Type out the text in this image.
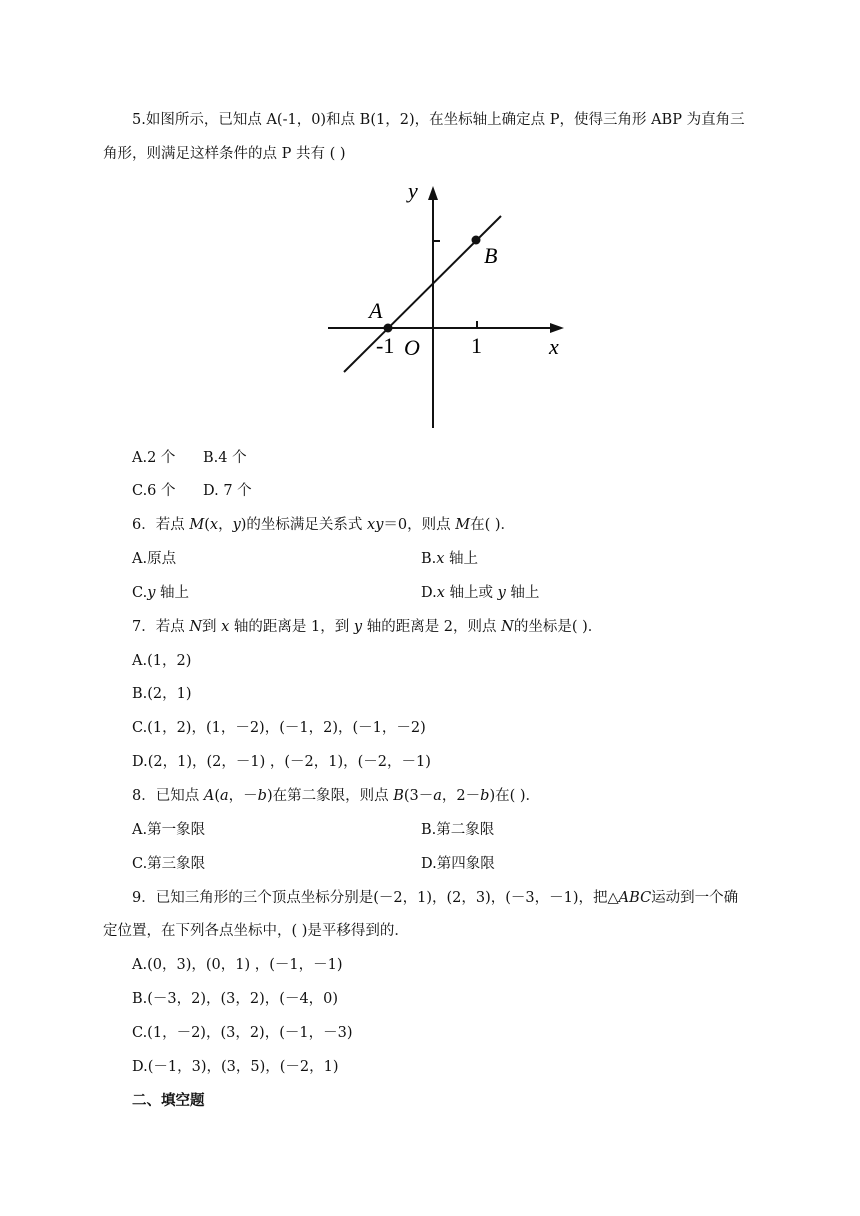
5.如图所示，已知点 A(-1，0)和点 B(1，2)，在坐标轴上确定点 P，使得三角形 ABP 为直角三
角形，则满足这样条件的点 P 共有 ( )
y
x
O
A
B
-1	1
A.2 个 B.4 个
C.6 个 D. 7 个
6．若点 M(x，y)的坐标满足关系式 xy＝0，则点 M在( )．
A.原点	B.x 轴上
C.y 轴上	D.x 轴上或 y 轴上
7．若点 N到 x 轴的距离是 1，到 y 轴的距离是 2，则点 N的坐标是( )．
A.(1，2)
B.(2，1)
C.(1，2)，(1，－2)，(－1，2)，(－1，－2)
D.(2，1)，(2，－1) ，(－2，1)，(－2，－1)
8．已知点 A(a，－b)在第二象限，则点 B(3－a，2－b)在( )．
A.第一象限	B.第二象限
C.第三象限	D.第四象限
9．已知三角形的三个顶点坐标分别是(－2，1)，(2，3)，(－3，－1)，把△ABC运动到一个确
定位置，在下列各点坐标中，( )是平移得到的．
A.(0，3)，(0，1) ，(－1，－1)
B.(－3，2)，(3，2)，(－4，0)
C.(1，－2)，(3，2)，(－1，－3)
D.(－1，3)，(3，5)，(－2，1)
二、填空题
